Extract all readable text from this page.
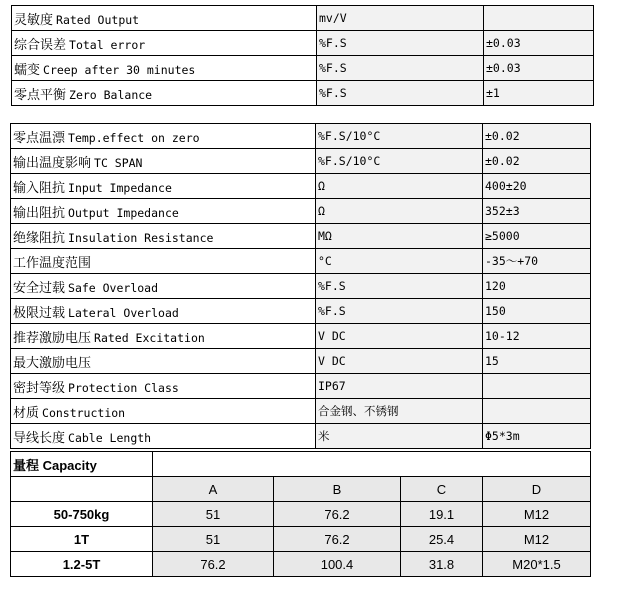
灵敏度 Rated Output	mv/V	
综合误差 Total error	%F.S	±0.03
蠕变 Creep after 30 minutes	%F.S	±0.03
零点平衡 Zero Balance	%F.S	±1
零点温漂 Temp.effect on zero	%F.S/10°C	±0.02
输出温度影响 TC SPAN	%F.S/10°C	±0.02
输入阻抗 Input Impedance	Ω	400±20
输出阻抗 Output Impedance	Ω	352±3
绝缘阻抗 Insulation Resistance	MΩ	≥5000
工作温度范围	°C	-35～+70
安全过载 Safe Overload	%F.S	120
极限过载 Lateral Overload	%F.S	150
推荐激励电压 Rated Excitation	V DC	10-12
最大激励电压	V DC	15
密封等级 Protection Class	IP67	
材质 Construction	合金钢、不锈钢	
导线长度 Cable Length	米	Φ5*3m
量程 Capacity				
	A	B	C	D
50-750kg	51	76.2	19.1	M12
1T	51	76.2	25.4	M12
1.2-5T	76.2	100.4	31.8	M20*1.5
